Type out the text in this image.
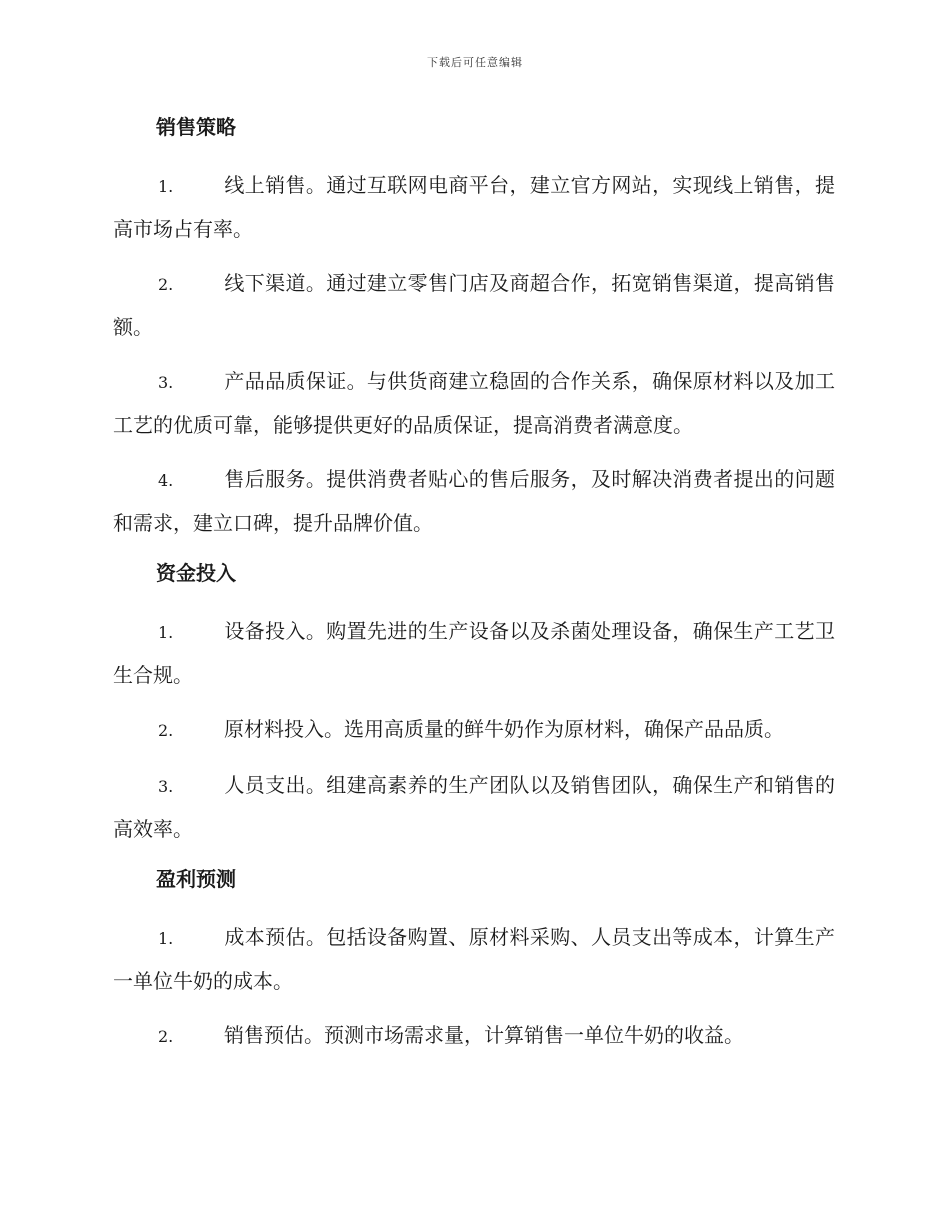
下载后可任意编辑
销售策略

1.	线上销售。通过互联网电商平台，建立官方网站，实现线上销售，提高市场占有率。

2.	线下渠道。通过建立零售门店及商超合作，拓宽销售渠道，提高销售额。

3.	产品品质保证。与供货商建立稳固的合作关系，确保原材料以及加工工艺的优质可靠，能够提供更好的品质保证，提高消费者满意度。

4.	售后服务。提供消费者贴心的售后服务，及时解决消费者提出的问题和需求，建立口碑，提升品牌价值。

资金投入

1.	设备投入。购置先进的生产设备以及杀菌处理设备，确保生产工艺卫生合规。

2.	原材料投入。选用高质量的鲜牛奶作为原材料，确保产品品质。

3.	人员支出。组建高素养的生产团队以及销售团队，确保生产和销售的高效率。

盈利预测

1.	成本预估。包括设备购置、原材料采购、人员支出等成本，计算生产一单位牛奶的成本。

2.	销售预估。预测市场需求量，计算销售一单位牛奶的收益。
